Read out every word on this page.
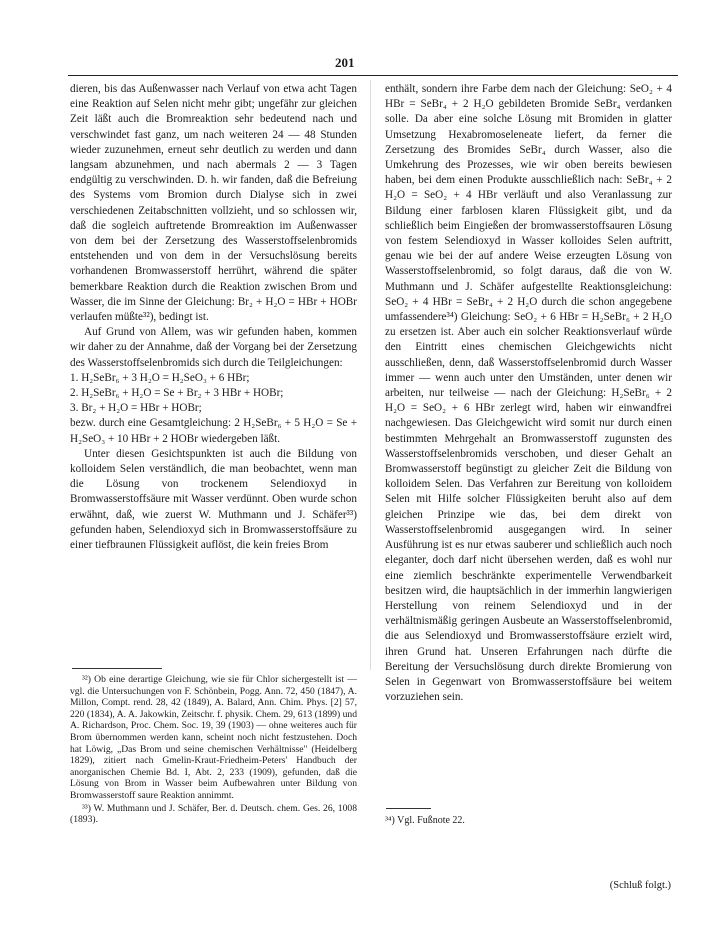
201

dieren, bis das Außenwasser nach Verlauf von etwa acht Tagen eine Reaktion auf Selen nicht mehr gibt; ungefähr zur gleichen Zeit läßt auch die Bromreaktion sehr bedeutend nach und verschwindet fast ganz, um nach weiteren 24 — 48 Stunden wieder zuzunehmen, erneut sehr deutlich zu werden und dann langsam abzunehmen, und nach abermals 2 — 3 Tagen endgültig zu verschwinden. D. h. wir fanden, daß die Befreiung des Systems vom Bromion durch Dialyse sich in zwei verschiedenen Zeitabschnitten vollzieht, und so schlossen wir, daß die sogleich auftretende Bromreaktion im Außenwasser von dem bei der Zersetzung des Wasserstoffselenbromids entstehenden und von dem in der Versuchslösung bereits vorhandenen Bromwasserstoff herrührt, während die später bemerkbare Reaktion durch die Reaktion zwischen Brom und Wasser, die im Sinne der Gleichung: Br₂ + H₂O = HBr + HOBr verlaufen müßte³²), bedingt ist.

Auf Grund von Allem, was wir gefunden haben, kommen wir daher zu der Annahme, daß der Vorgang bei der Zersetzung des Wasserstoffselenbromids sich durch die Teilgleichungen:

1. H₂SeBr₆ + 3 H₂O = H₂SeO₃ + 6 HBr;

2. H₂SeBr₆ + H₂O = Se + Br₂ + 3 HBr + HOBr;

3. Br₂ + H₂O = HBr + HOBr;

bezw. durch eine Gesamtgleichung: 2 H₂SeBr₆ + 5 H₂O = Se + H₂SeO₃ + 10 HBr + 2 HOBr wiedergeben läßt.

Unter diesen Gesichtspunkten ist auch die Bildung von kolloidem Selen verständlich, die man beobachtet, wenn man die Lösung von trockenem Selendioxyd in Bromwasserstoffsäure mit Wasser verdünnt. Oben wurde schon erwähnt, daß, wie zuerst W. Muthmann und J. Schäfer³³) gefunden haben, Selendioxyd sich in Bromwasserstoffsäure zu einer tiefbraunen Flüssigkeit auflöst, die kein freies Brom

³²) Ob eine derartige Gleichung, wie sie für Chlor sichergestellt ist — vgl. die Untersuchungen von F. Schönbein, Pogg. Ann. 72, 450 (1847), A. Millon, Compt. rend. 28, 42 (1849), A. Balard, Ann. Chim. Phys. [2] 57, 220 (1834), A. A. Jakowkin, Zeitschr. f. physik. Chem. 29, 613 (1899) und A. Richardson, Proc. Chem. Soc. 19, 39 (1903) — ohne weiteres auch für Brom übernommen werden kann, scheint noch nicht festzustehen. Doch hat Löwig, „Das Brom und seine chemischen Verhältnisse" (Heidelberg 1829), zitiert nach Gmelin-Kraut-Friedheim-Peters' Handbuch der anorganischen Chemie Bd. I, Abt. 2, 233 (1909), gefunden, daß die Lösung von Brom in Wasser beim Aufbewahren unter Bildung von Bromwasserstoff saure Reaktion annimmt.

³³) W. Muthmann und J. Schäfer, Ber. d. Deutsch. chem. Ges. 26, 1008 (1893).

enthält, sondern ihre Farbe dem nach der Gleichung: SeO₂ + 4 HBr = SeBr₄ + 2 H₂O gebildeten Bromide SeBr₄ verdanken solle. Da aber eine solche Lösung mit Bromiden in glatter Umsetzung Hexabromoseleneate liefert, da ferner die Zersetzung des Bromides SeBr₄ durch Wasser, also die Umkehrung des Prozesses, wie wir oben bereits bewiesen haben, bei dem einen Produkte ausschließlich nach: SeBr₄ + 2 H₂O = SeO₂ + 4 HBr verläuft und also Veranlassung zur Bildung einer farblosen klaren Flüssigkeit gibt, und da schließlich beim Eingießen der bromwasserstoffsauren Lösung von festem Selendioxyd in Wasser kolloides Selen auftritt, genau wie bei der auf andere Weise erzeugten Lösung von Wasserstoffselenbromid, so folgt daraus, daß die von W. Muthmann und J. Schäfer aufgestellte Reaktionsgleichung: SeO₂ + 4 HBr = SeBr₄ + 2 H₂O durch die schon angegebene umfassendere³⁴) Gleichung: SeO₂ + 6 HBr = H₂SeBr₆ + 2 H₂O zu ersetzen ist. Aber auch ein solcher Reaktionsverlauf würde den Eintritt eines chemischen Gleichgewichts nicht ausschließen, denn, daß Wasserstoffselenbromid durch Wasser immer — wenn auch unter den Umständen, unter denen wir arbeiten, nur teilweise — nach der Gleichung: H₂SeBr₆ + 2 H₂O = SeO₂ + 6 HBr zerlegt wird, haben wir einwandfrei nachgewiesen. Das Gleichgewicht wird somit nur durch einen bestimmten Mehrgehalt an Bromwasserstoff zugunsten des Wasserstoffselenbromids verschoben, und dieser Gehalt an Bromwasserstoff begünstigt zu gleicher Zeit die Bildung von kolloidem Selen. Das Verfahren zur Bereitung von kolloidem Selen mit Hilfe solcher Flüssigkeiten beruht also auf dem gleichen Prinzipe wie das, bei dem direkt von Wasserstoffselenbromid ausgegangen wird. In seiner Ausführung ist es nur etwas sauberer und schließlich auch noch eleganter, doch darf nicht übersehen werden, daß es wohl nur eine ziemlich beschränkte experimentelle Verwendbarkeit besitzen wird, die hauptsächlich in der immerhin langwierigen Herstellung von reinem Selendioxyd und in der verhältnismäßig geringen Ausbeute an Wasserstoffselenbromid, die aus Selendioxyd und Bromwasserstoffsäure erzielt wird, ihren Grund hat. Unseren Erfahrungen nach dürfte die Bereitung der Versuchslösung durch direkte Bromierung von Selen in Gegenwart von Bromwasserstoffsäure bei weitem vorzuziehen sein.

³⁴) Vgl. Fußnote 22.
(Schluß folgt.)
